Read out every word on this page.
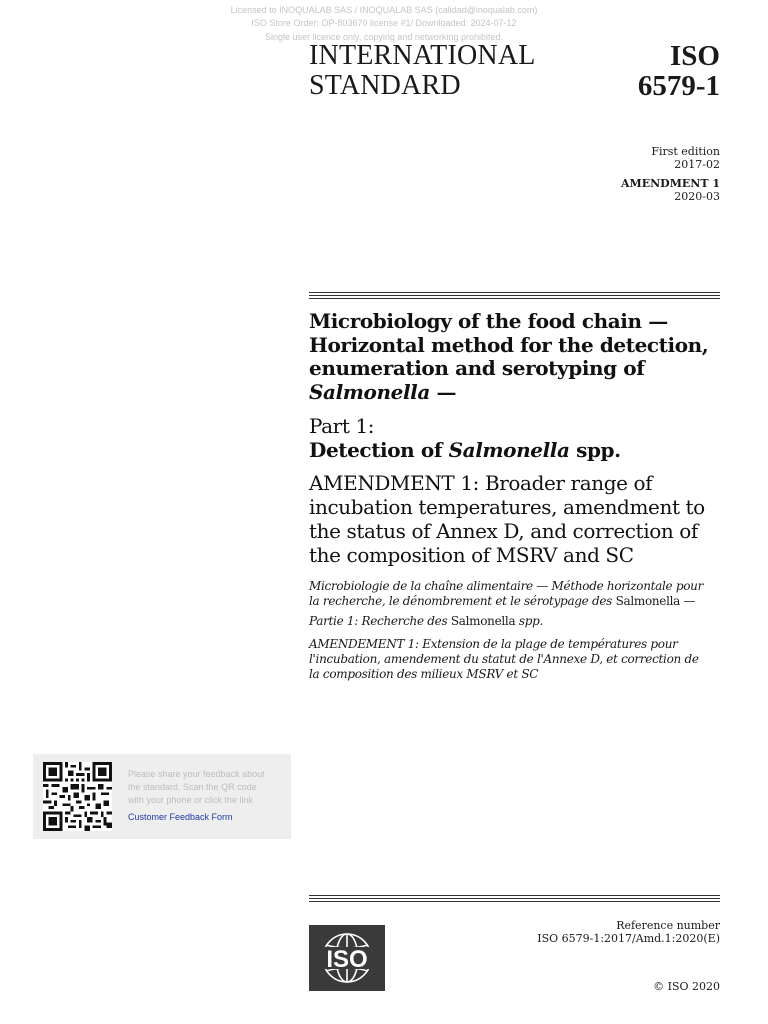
Licensed to INOQUALAB SAS / INOQUALAB SAS (calidad@inoqualab.com)
ISO Store Order: OP-803670 license #1/ Downloaded: 2024-07-12
Single user licence only, copying and networking prohibited.
INTERNATIONAL
STANDARD
ISO
6579-1
First edition
2017-02
AMENDMENT 1
2020-03
Microbiology of the food chain —
Horizontal method for the detection,
enumeration and serotyping of
Salmonella —
Part 1:
Detection of Salmonella spp.
AMENDMENT 1: Broader range of
incubation temperatures, amendment to
the status of Annex D, and correction of
the composition of MSRV and SC
Microbiologie de la chaîne alimentaire — Méthode horizontale pour
la recherche, le dénombrement et le sérotypage des Salmonella —
Partie 1: Recherche des Salmonella spp.
AMENDEMENT 1: Extension de la plage de températures pour
l'incubation, amendement du statut de l'Annexe D, et correction de
la composition des milieux MSRV et SC
Please share your feedback about
the standard. Scan the QR code
with your phone or click the link
Customer Feedback Form
ISO
Reference number
ISO 6579-1:2017/Amd.1:2020(E)
© ISO 2020
